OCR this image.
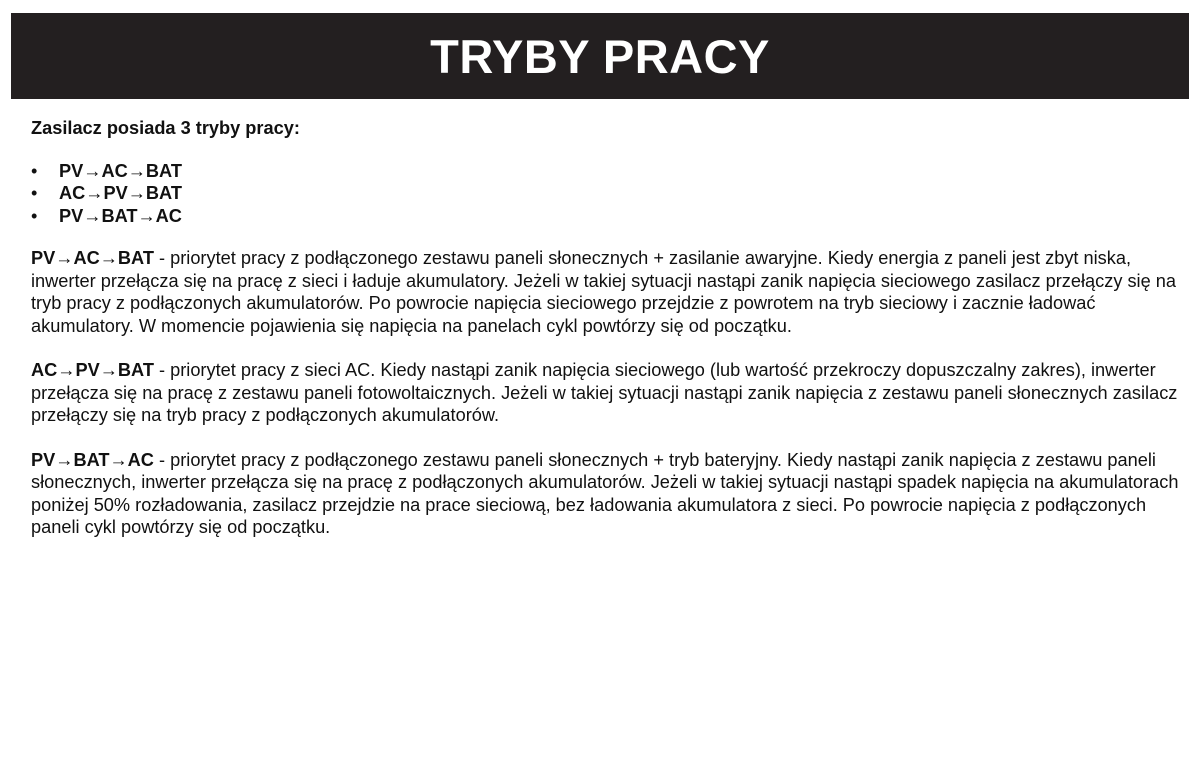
TRYBY PRACY

Zasilacz posiada 3 tryby pracy:

•	PV→AC→BAT
•	AC→PV→BAT
•	PV→BAT→AC

PV→AC→BAT - priorytet pracy z podłączonego zestawu paneli słonecznych + zasilanie awaryjne. Kiedy energia z paneli jest zbyt niska, inwerter przełącza się na pracę z sieci i ładuje akumulatory. Jeżeli w takiej sytuacji nastąpi zanik napięcia sieciowego zasilacz przełączy się na tryb pracy z podłączonych akumulatorów. Po powrocie napięcia sieciowego przejdzie z powrotem na tryb sieciowy i zacznie ładować akumulatory. W momencie pojawienia się napięcia na panelach cykl powtórzy się od początku.

AC→PV→BAT - priorytet pracy z sieci AC. Kiedy nastąpi zanik napięcia sieciowego (lub wartość przekroczy dopuszczalny zakres), inwerter przełącza się na pracę z zestawu paneli fotowoltaicznych. Jeżeli w takiej sytuacji nastąpi zanik napięcia z zestawu paneli słonecznych zasilacz przełączy się na tryb pracy z podłączonych akumulatorów.

PV→BAT→AC - priorytet pracy z podłączonego zestawu paneli słonecznych + tryb bateryjny. Kiedy nastąpi zanik napięcia z zestawu paneli słonecznych, inwerter przełącza się na pracę z podłączonych akumulatorów. Jeżeli w takiej sytuacji nastąpi spadek napięcia na akumulatorach poniżej 50% rozładowania, zasilacz przejdzie na prace sieciową, bez ładowania akumulatora z sieci. Po powrocie napięcia z podłączonych paneli cykl powtórzy się od początku.
